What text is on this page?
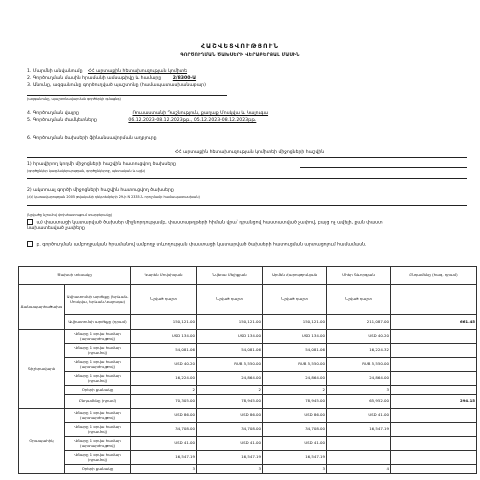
ՀԱՇՎԵՏՎՈՒԹՅՈՒՆ
ԳՈՐԾՈՒՂՄԱՆ ԾԱԽՍԵՐԻ ՎԵՐԱԲԵՐՅԱԼ ՄԱՍԻՆ
1. Մարմնի անվանումը ՀՀ արտաքին հետախուզության կոմիտե
2. Գործուղման մասին հրամանի ամսաթիվը և համարը 2/8300-Ա
3. Անունը, ազգանունը գործուղված պաշտոնը (համապատասխանաբար)
(ազգանունը, պաշտոնավարման գործերկի գմացնգ)
4. Գործուղման վայրը	Ռուսաստանի Դաշնություն, քաղաք Մոսկվա և Կալուգա
5. Գործուղման ժամկետները	06.12.2023-08.12.2023թթ., 05.12.2023-08.12.2023թթ.
6. Գործուղման ծախսերի ֆինանսավորման աղբյուրը
ՀՀ արտաքին հետախուզության կոմիտեի միջոցների հաշվին
1) հրավիրող կողմի միջոցների հաշվին հատուցվող ծախսերը
(գործընկեր կազմակերպության, գործընկերոջ, պետական և այլն)
2) ակտուալ գործի միջոցների հաշվին հատուցվող ծախսերը
(ՀՀ կառավարության 2005 թվականի դեկտեմբերի 29-ի N 2335-Ն որոշմամբ համապատասխան)
(նշվածը նշումով փոխհատուցում տարբերակը)
ա) փաստացի կատարված ծախսեր միջնորդությամբ, փաստաթղթերի հիման վրա՝ դրանցով հաստատված չափով, բայց ոչ ավելի, քան փաստ
նախատեսված չափերը
բ. գործուղման ամբողջական հրամանով ամբողջ տևողության փաստացի կատարված ծախսերի հատուցման արտացոլում համամասն.
Ծախսի տեսակը		Կարեն Մովսիսյան	Նվեռա Մելիքյան	Արմեն Հարությունյան	Մհեր Գևորգյան	Ընդամենը (հազ. դրամ)
Ճանապարհածախս	Ավիատոմսի արժեքը (Երևան-Մոսկվա, Երևան-Կալուգա)	Նշված դաշտ	Նշված դաշտ	Նշված դաշտ	Նշված դաշտ	
	Ավիատոմսի արժեքը (դրամ)	150,121.00	150,121.00	150,121.00	211,087.00	661.45
Գիշերավարձ	Վճարը 1 օրվա համար (արտարժույթով)	USD 134.00	USD 134.00	USD 134.00	USD 40.20	
	Վճարը 1 օրվա համար (դրամով)	54,081.06	54,081.06	54,081.06	16,224.32	
	Վճարը 1 օրվա համար (արտարժույթով)	USD 40.20	RUB 5,550.00	RUB 5,550.00	RUB 5,550.00	
	Վճարը 1 օրվա համար (դրամով)	16,224.00	24,864.00	24,864.00	24,864.00	
	Օրերի քանակը	2	2	2	3	
	Ընդամենը (դրամ)	70,305.00	78,945.00	78,945.00	65,952.00	294.15
Օրապահիկ	Վճարը 1 օրվա համար (արտարժույթով)	USD 86.00	USD 86.00	USD 86.00	USD 41.00	
	Վճարը 1 օրվա համար (դրամով)	34,708.00	34,708.00	34,708.00	16,547.19	
	Վճարը 1 օրվա համար (արտարժույթով)	USD 41.00	USD 41.00	USD 41.00		
	Վճարը 1 օրվա համար (դրամով)	16,547.19	16,547.19	16,547.19		
	Օրերի քանակը	3	3	3	4	
